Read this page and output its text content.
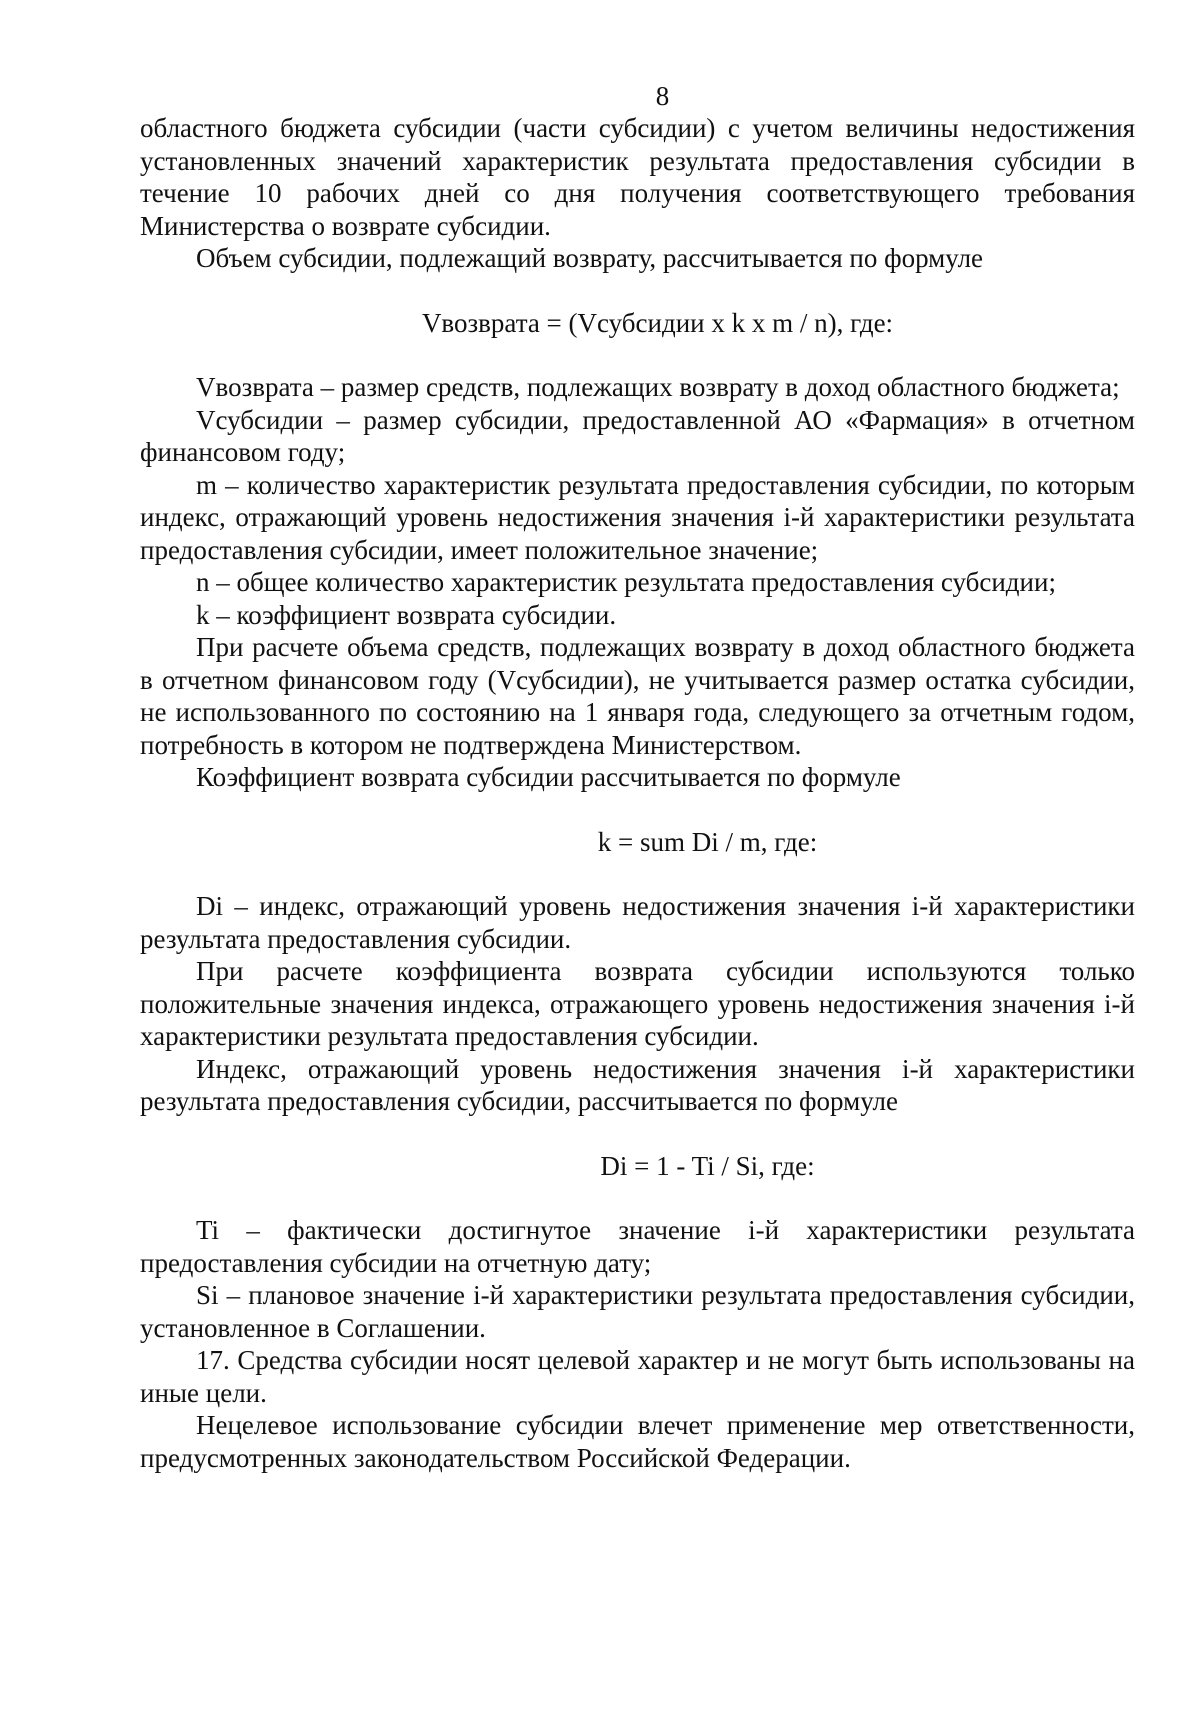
8

областного бюджета субсидии (части субсидии) с учетом величины недостижения установленных значений характеристик результата предоставления субсидии в течение 10 рабочих дней со дня получения соответствующего требования Министерства о возврате субсидии.

Объем субсидии, подлежащий возврату, рассчитывается по формуле

Vвозврата = (Vсубсидии x k x m / n), где:

Vвозврата – размер средств, подлежащих возврату в доход областного бюджета;

Vсубсидии – размер субсидии, предоставленной АО «Фармация» в отчетном финансовом году;

m – количество характеристик результата предоставления субсидии, по которым индекс, отражающий уровень недостижения значения i-й характеристики результата предоставления субсидии, имеет положительное значение;

n – общее количество характеристик результата предоставления субсидии;

k – коэффициент возврата субсидии.

При расчете объема средств, подлежащих возврату в доход областного бюджета в отчетном финансовом году (Vсубсидии), не учитывается размер остатка субсидии, не использованного по состоянию на 1 января года, следующего за отчетным годом, потребность в котором не подтверждена Министерством.

Коэффициент возврата субсидии рассчитывается по формуле

k = sum Di / m, где:

Di – индекс, отражающий уровень недостижения значения i-й характеристики результата предоставления субсидии.

При расчете коэффициента возврата субсидии используются только положительные значения индекса, отражающего уровень недостижения значения i-й характеристики результата предоставления субсидии.

Индекс, отражающий уровень недостижения значения i-й характеристики результата предоставления субсидии, рассчитывается по формуле

Di = 1 - Ti / Si, где:

Ti – фактически достигнутое значение i-й характеристики результата предоставления субсидии на отчетную дату;

Si – плановое значение i-й характеристики результата предоставления субсидии, установленное в Соглашении.

17. Средства субсидии носят целевой характер и не могут быть использованы на иные цели.

Нецелевое использование субсидии влечет применение мер ответственности, предусмотренных законодательством Российской Федерации.
